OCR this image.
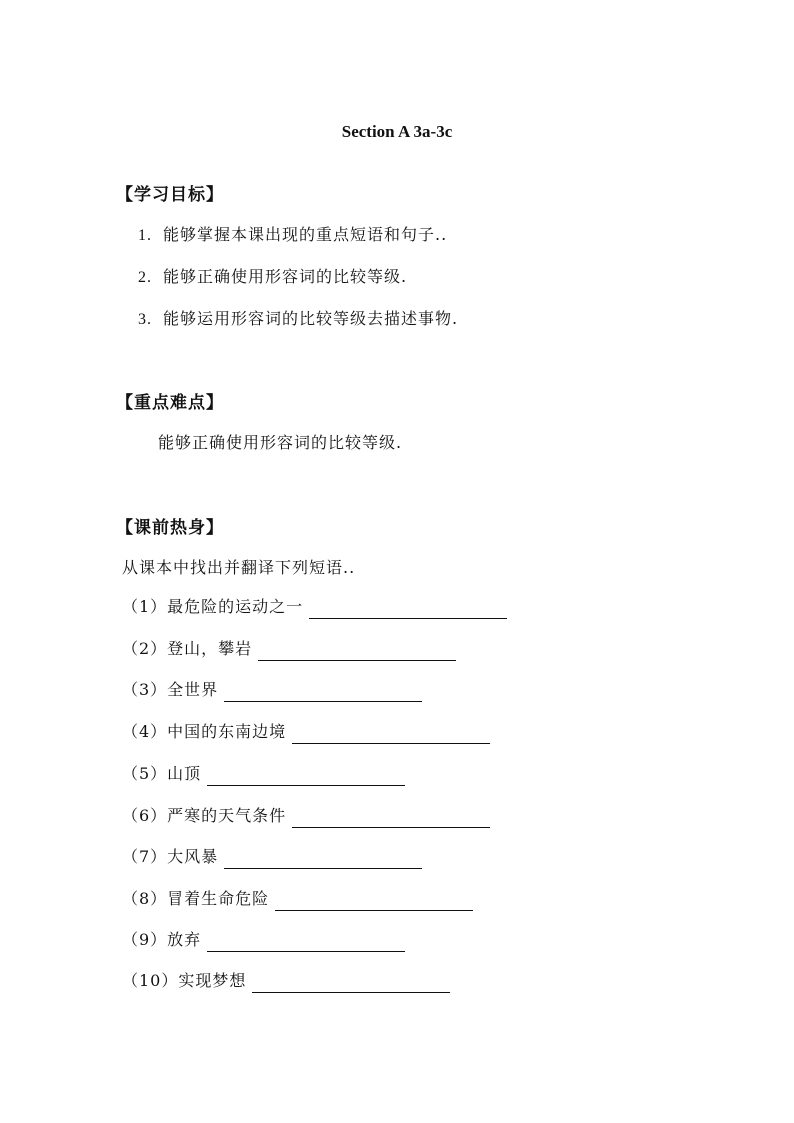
Section A 3a-3c
【学习目标】
1. 能够掌握本课出现的重点短语和句子..
2. 能够正确使用形容词的比较等级.
3. 能够运用形容词的比较等级去描述事物.
【重点难点】
能够正确使用形容词的比较等级.
【课前热身】
从课本中找出并翻译下列短语..
（1）最危险的运动之一
（2）登山，攀岩
（3）全世界
（4）中国的东南边境
（5）山顶
（6）严寒的天气条件
（7）大风暴
（8）冒着生命危险
（9）放弃
（10）实现梦想
